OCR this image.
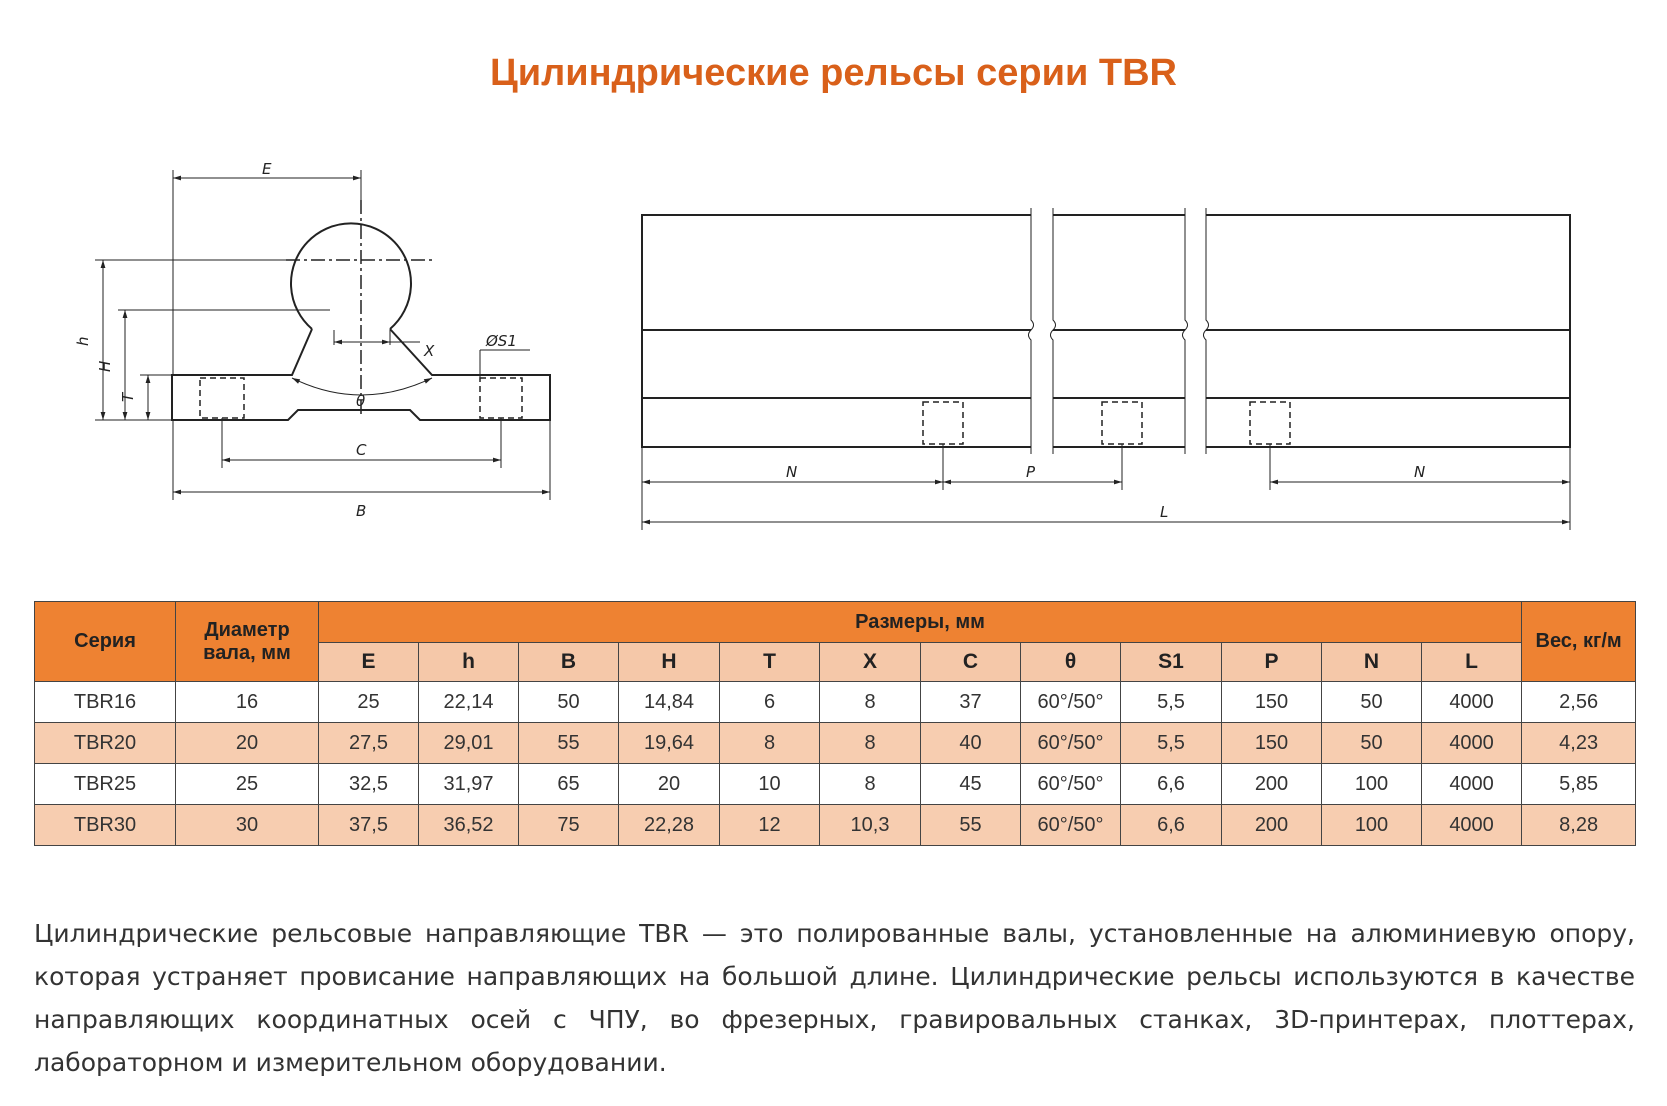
Цилиндрические рельсы серии TBR
E
h
H
T
X
ØS1
θ
C
B
N	P	N
L
Серия	Диаметр вала, мм	Размеры, мм												Вес, кг/м
		E	h	B	H	T	X	C	θ	S1	P	N	L	
TBR16	16	25	22,14	50	14,84	6	8	37	60°/50°	5,5	150	50	4000	2,56
TBR20	20	27,5	29,01	55	19,64	8	8	40	60°/50°	5,5	150	50	4000	4,23
TBR25	25	32,5	31,97	65	20	10	8	45	60°/50°	6,6	200	100	4000	5,85
TBR30	30	37,5	36,52	75	22,28	12	10,3	55	60°/50°	6,6	200	100	4000	8,28

Цилиндрические рельсовые направляющие TBR — это полированные валы, установленные на алюминиевую опору, которая устраняет провисание направляющих на большой длине. Цилиндрические рельсы используются в качестве направляющих координатных осей с ЧПУ, во фрезерных, гравировальных станках, 3D-принтерах, плоттерах, лабораторном и измерительном оборудовании.
